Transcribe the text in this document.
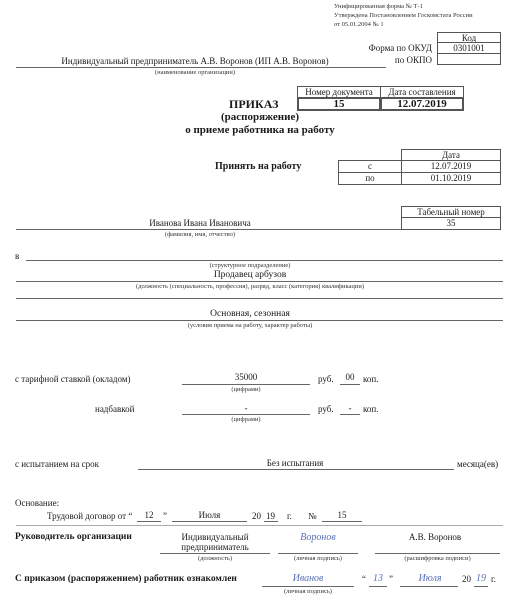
Унифицированная форма № Т-1
Утверждена Постановлением Госкомстата России
от 05.01.2004 № 1
Код
0301001
Форма по ОКУД
по ОКПО
Индивидуальный предприниматель А.В. Воронов (ИП А.В. Воронов)
(наименование организации)
Номер документа	Дата составления
15	12.07.2019
ПРИКАЗ
(распоряжение)
о приеме работника на работу
Принять на работу
Дата
с	12.07.2019
по	01.10.2019
Табельный номер
35
Иванова Ивана Ивановича
(фамилия, имя, отчество)
в
(структурное подразделение)
Продавец арбузов
(должность (специальность, профессия), разряд, класс (категория) квалификации)
Основная, сезонная
(условия приема на работу, характер работы)
с тарифной ставкой (окладом)	35000
(цифрами)
руб.	00 коп.
надбавкой	-
(цифрами)
руб.	-	коп.
с испытанием на срок	Без испытания	месяца(ев)
Основание:
Трудовой договор от “	12	”	Июля	20 19 г. №	15
Руководитель организации	Индивидуальный
предприниматель
(должность)
Воронов
(личная подпись)
А.В. Воронов
(расшифровка подписи)
С приказом (распоряжением) работник ознакомлен	Иванов
(личная подпись)
“ 13 ”	Июля	20 19 г.
